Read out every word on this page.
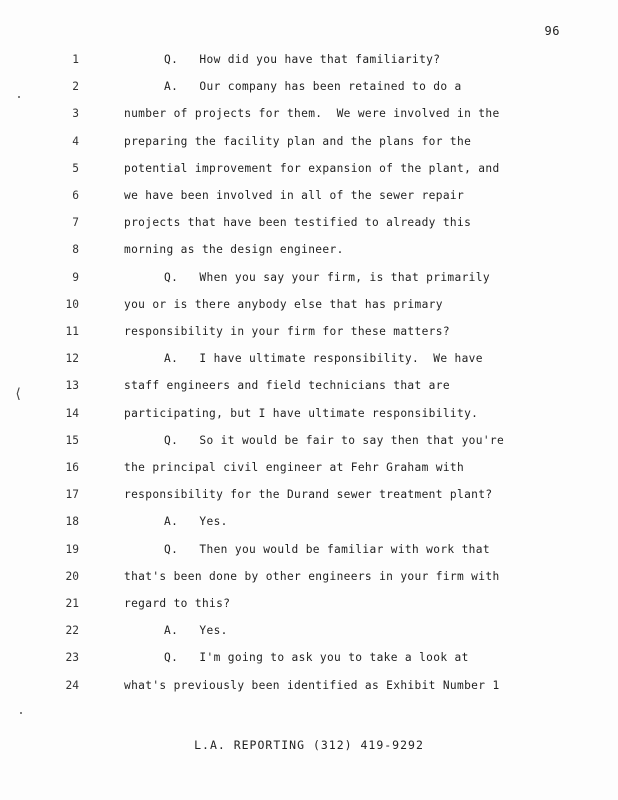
96
1	Q.   How did you have that familiarity?
2	A.   Our company has been retained to do a
3	number of projects for them.  We were involved in the
4	preparing the facility plan and the plans for the
5	potential improvement for expansion of the plant, and
6	we have been involved in all of the sewer repair
7	projects that have been testified to already this
8	morning as the design engineer.
9	Q.   When you say your firm, is that primarily
10	you or is there anybody else that has primary
11	responsibility in your firm for these matters?
12	A.   I have ultimate responsibility.  We have
13	staff engineers and field technicians that are
14	participating, but I have ultimate responsibility.
15	Q.   So it would be fair to say then that you're
16	the principal civil engineer at Fehr Graham with
17	responsibility for the Durand sewer treatment plant?
18	A.   Yes.
19	Q.   Then you would be familiar with work that
20	that's been done by other engineers in your firm with
21	regard to this?
22	A.   Yes.
23	Q.   I'm going to ask you to take a look at
24	what's previously been identified as Exhibit Number 1
⟨
L.A. REPORTING (312) 419-9292
